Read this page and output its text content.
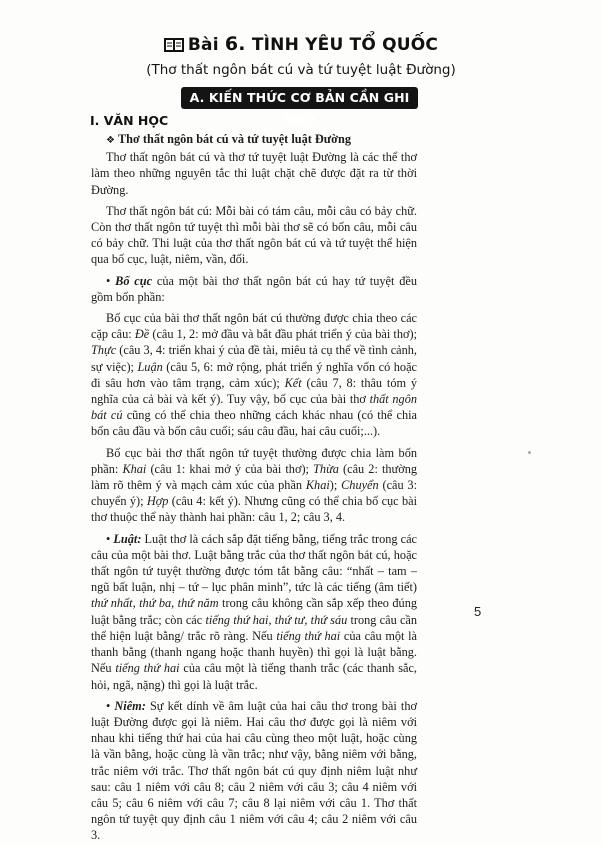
Bài 6. TÌNH YÊU TỔ QUỐC
(Thơ thất ngôn bát cú và tứ tuyệt luật Đường)
A. KIẾN THỨC CƠ BẢN CẦN GHI NHỚ
I. VĂN HỌC

❖ Thơ thất ngôn bát cú và tứ tuyệt luật Đường

Thơ thất ngôn bát cú và thơ tứ tuyệt luật Đường là các thể thơ làm theo những nguyên tắc thi luật chặt chẽ được đặt ra từ thời Đường.

Thơ thất ngôn bát cú: Mỗi bài có tám câu, mỗi câu có bảy chữ. Còn thơ thất ngôn tứ tuyệt thì mỗi bài thơ sẽ có bốn câu, mỗi câu có bảy chữ. Thi luật của thơ thất ngôn bát cú và tứ tuyệt thể hiện qua bố cục, luật, niêm, vần, đối.

• Bố cục của một bài thơ thất ngôn bát cú hay tứ tuyệt đều gồm bốn phần:

Bố cục của bài thơ thất ngôn bát cú thường được chia theo các cặp câu: Đề (câu 1, 2: mở đầu và bắt đầu phát triển ý của bài thơ); Thực (câu 3, 4: triển khai ý của đề tài, miêu tả cụ thể về tình cảnh, sự việc); Luận (câu 5, 6: mở rộng, phát triển ý nghĩa vốn có hoặc đi sâu hơn vào tâm trạng, cảm xúc); Kết (câu 7, 8: thâu tóm ý nghĩa của cả bài và kết ý). Tuy vậy, bố cục của bài thơ thất ngôn bát cú cũng có thể chia theo những cách khác nhau (có thể chia bốn câu đầu và bốn câu cuối; sáu câu đầu, hai câu cuối;...).

Bố cục bài thơ thất ngôn tứ tuyệt thường được chia làm bốn phần: Khai (câu 1: khai mở ý của bài thơ); Thừa (câu 2: thường làm rõ thêm ý và mạch cảm xúc của phần Khai); Chuyển (câu 3: chuyển ý); Hợp (câu 4: kết ý). Nhưng cũng có thể chia bố cục bài thơ thuộc thể này thành hai phần: câu 1, 2; câu 3, 4.

• Luật: Luật thơ là cách sắp đặt tiếng bằng, tiếng trắc trong các câu của một bài thơ. Luật bằng trắc của thơ thất ngôn bát cú, hoặc thất ngôn tứ tuyệt thường được tóm tắt bằng câu: “nhất – tam – ngũ bất luận, nhị – tứ – lục phân minh”, tức là các tiếng (âm tiết) thứ nhất, thứ ba, thứ năm trong câu không cần sắp xếp theo đúng luật bằng trắc; còn các tiếng thứ hai, thứ tư, thứ sáu trong câu cần thể hiện luật bằng/ trắc rõ ràng. Nếu tiếng thứ hai của câu một là thanh bằng (thanh ngang hoặc thanh huyền) thì gọi là luật bằng. Nếu tiếng thứ hai của câu một là tiếng thanh trắc (các thanh sắc, hỏi, ngã, nặng) thì gọi là luật trắc.

• Niêm: Sự kết dính về âm luật của hai câu thơ trong bài thơ luật Đường được gọi là niêm. Hai câu thơ được gọi là niêm với nhau khi tiếng thứ hai của hai câu cùng theo một luật, hoặc cùng là vần bằng, hoặc cùng là vần trắc; như vậy, bằng niêm với bằng, trắc niêm với trắc. Thơ thất ngôn bát cú quy định niêm luật như sau: câu 1 niêm với câu 8; câu 2 niêm với câu 3; câu 4 niêm với câu 5; câu 6 niêm với câu 7; câu 8 lại niêm với câu 1. Thơ thất ngôn tứ tuyệt quy định câu 1 niêm với câu 4; câu 2 niêm với câu 3.

5
